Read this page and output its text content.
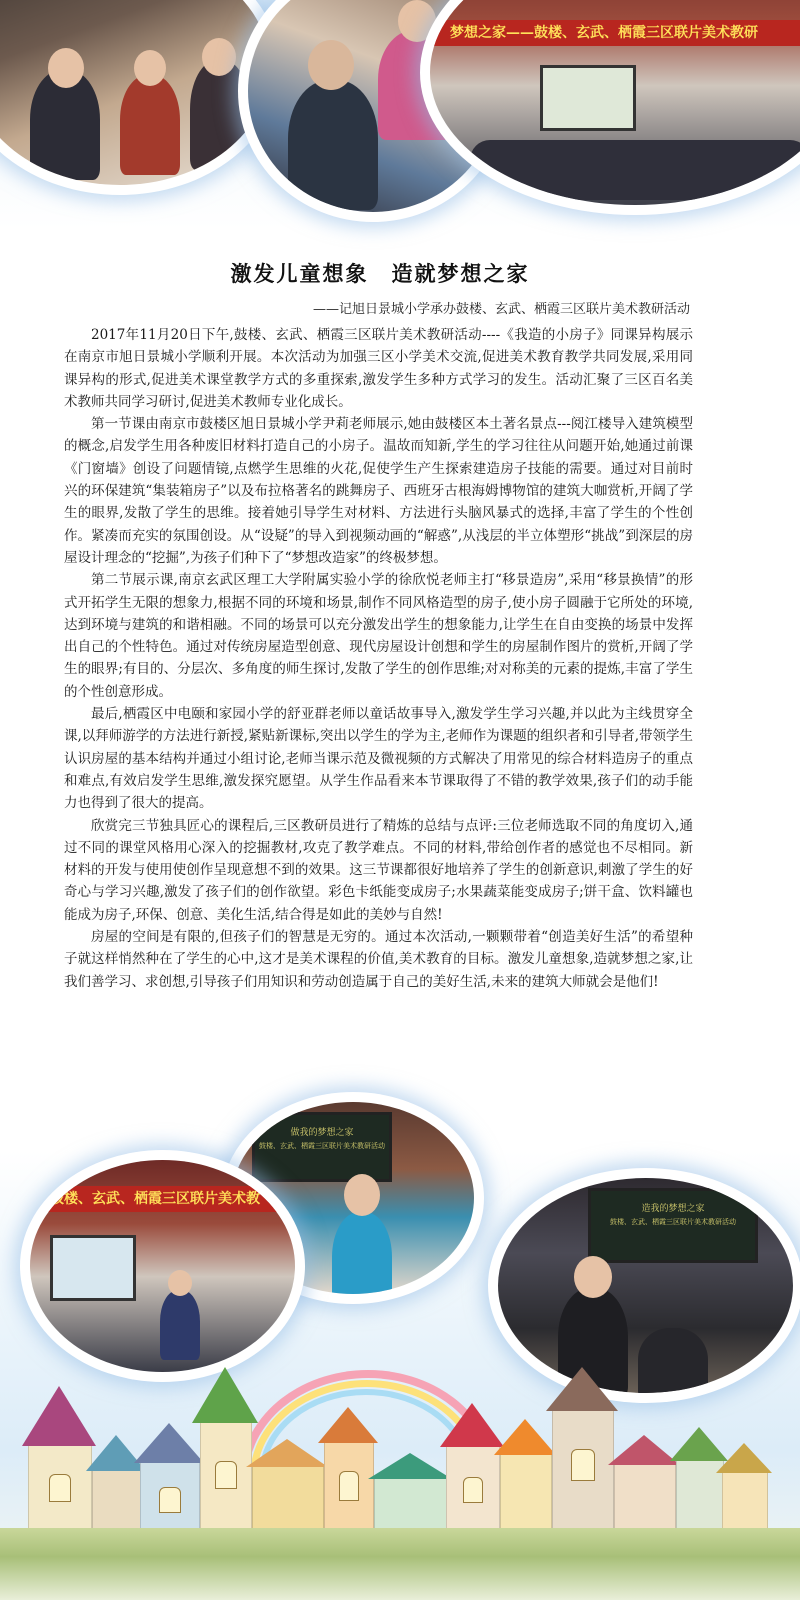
梦想之家——鼓楼、玄武、栖霞三区联片美术教研
激发儿童想象　造就梦想之家
——记旭日景城小学承办鼓楼、玄武、栖霞三区联片美术教研活动

2017年11月20日下午,鼓楼、玄武、栖霞三区联片美术教研活动----《我造的小房子》同课异构展示在南京市旭日景城小学顺利开展。本次活动为加强三区小学美术交流,促进美术教育教学共同发展,采用同课异构的形式,促进美术课堂教学方式的多重探索,激发学生多种方式学习的发生。活动汇聚了三区百名美术教师共同学习研讨,促进美术教师专业化成长。

第一节课由南京市鼓楼区旭日景城小学尹莉老师展示,她由鼓楼区本土著名景点---阅江楼导入建筑模型的概念,启发学生用各种废旧材料打造自己的小房子。温故而知新,学生的学习往往从问题开始,她通过前课《门窗墙》创设了问题情镜,点燃学生思维的火花,促使学生产生探索建造房子技能的需要。通过对目前时兴的环保建筑“集装箱房子”以及布拉格著名的跳舞房子、西班牙古根海姆博物馆的建筑大咖赏析,开阔了学生的眼界,发散了学生的思维。接着她引导学生对材料、方法进行头脑风暴式的选择,丰富了学生的个性创作。紧凑而充实的氛围创设。从“设疑”的导入到视频动画的“解惑”,从浅层的半立体塑形“挑战”到深层的房屋设计理念的“挖掘”,为孩子们种下了“梦想改造家”的终极梦想。

第二节展示课,南京玄武区理工大学附属实验小学的徐欣悦老师主打“移景造房”,采用“移景换情”的形式开拓学生无限的想象力,根据不同的环境和场景,制作不同风格造型的房子,使小房子圆融于它所处的环境,达到环境与建筑的和谐相融。不同的场景可以充分激发出学生的想象能力,让学生在自由变换的场景中发挥出自己的个性特色。通过对传统房屋造型创意、现代房屋设计创想和学生的房屋制作图片的赏析,开阔了学生的眼界;有目的、分层次、多角度的师生探讨,发散了学生的创作思维;对对称美的元素的提炼,丰富了学生的个性创意形成。

最后,栖霞区中电颐和家园小学的舒亚群老师以童话故事导入,激发学生学习兴趣,并以此为主线贯穿全课,以拜师游学的方法进行新授,紧贴新课标,突出以学生的学为主,老师作为课题的组织者和引导者,带领学生认识房屋的基本结构并通过小组讨论,老师当课示范及微视频的方式解决了用常见的综合材料造房子的重点和难点,有效启发学生思维,激发探究愿望。从学生作品看来本节课取得了不错的教学效果,孩子们的动手能力也得到了很大的提高。

欣赏完三节独具匠心的课程后,三区教研员进行了精炼的总结与点评:三位老师选取不同的角度切入,通过不同的课堂风格用心深入的挖掘教材,攻克了教学难点。不同的材料,带给创作者的感觉也不尽相同。新材料的开发与使用使创作呈现意想不到的效果。这三节课都很好地培养了学生的创新意识,刺激了学生的好奇心与学习兴趣,激发了孩子们的创作欲望。彩色卡纸能变成房子;水果蔬菜能变成房子;饼干盒、饮料罐也能成为房子,环保、创意、美化生活,结合得是如此的美妙与自然!

房屋的空间是有限的,但孩子们的智慧是无穷的。通过本次活动,一颗颗带着“创造美好生活”的希望种子就这样悄然种在了学生的心中,这才是美术课程的价值,美术教育的目标。激发儿童想象,造就梦想之家,让我们善学习、求创想,引导孩子们用知识和劳动创造属于自己的美好生活,未来的建筑大师就会是他们!

做我的梦想之家
鼓楼、玄武、栖霞三区联片美术教研活动
鼓楼、玄武、栖霞三区联片美术教
造我的梦想之家
鼓楼、玄武、栖霞三区联片美术教研活动
